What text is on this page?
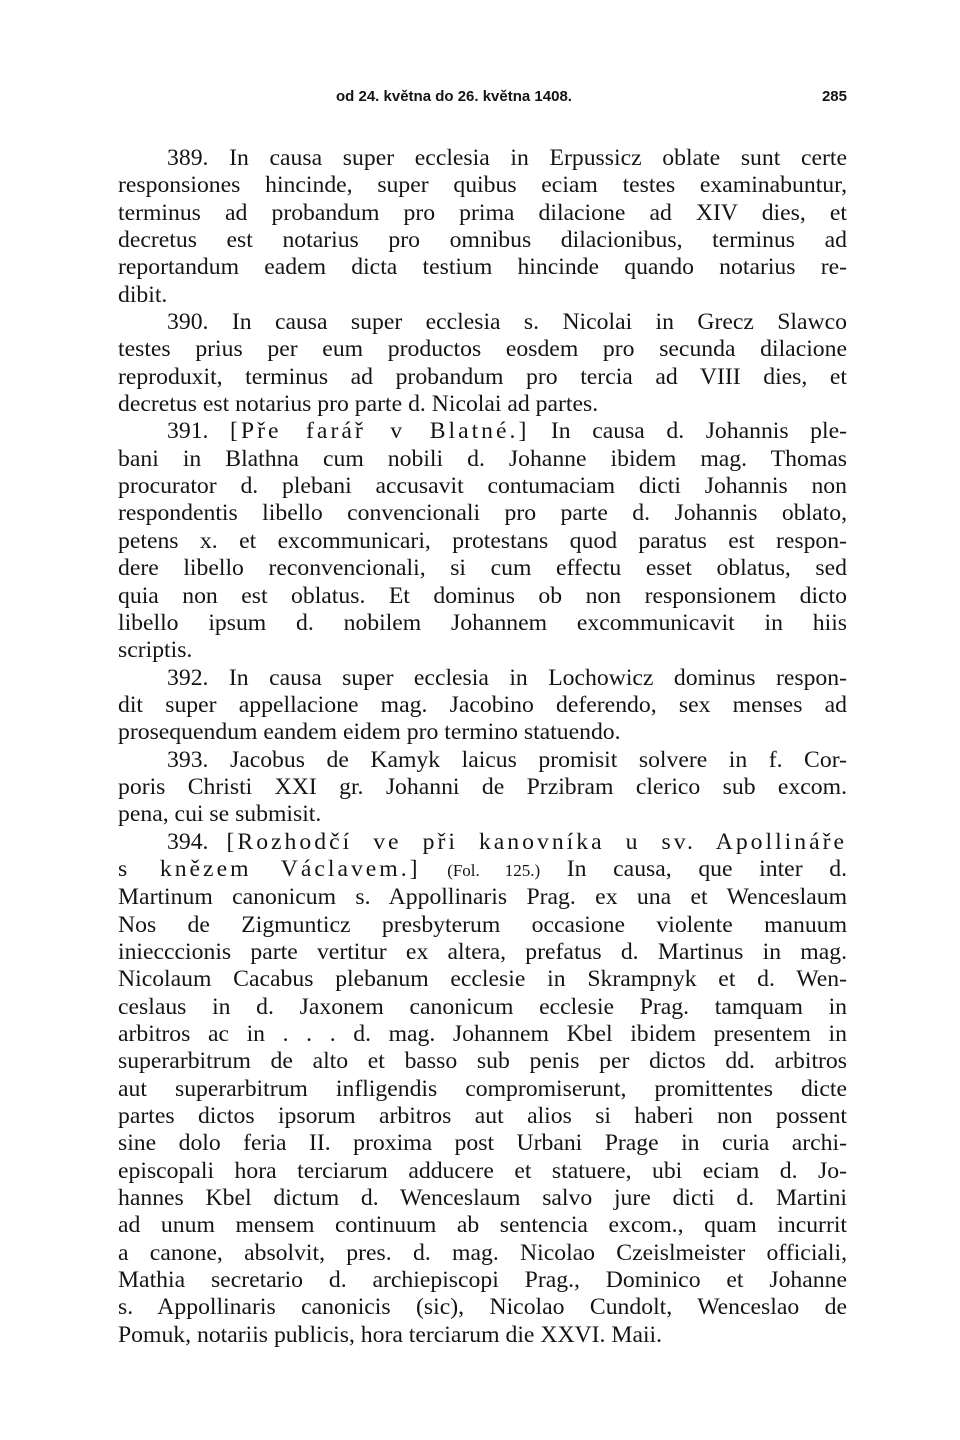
od 24. května do 26. května 1408.	285

389. In causa super ecclesia in Erpussicz oblate sunt certe
responsiones hincinde, super quibus eciam testes examinabuntur,
terminus ad probandum pro prima dilacione ad XIV dies, et
decretus est notarius pro omnibus dilacionibus, terminus ad
reportandum eadem dicta testium hincinde quando notarius re-
dibit.

390. In causa super ecclesia s. Nicolai in Grecz Slawco
testes prius per eum productos eosdem pro secunda dilacione
reproduxit, terminus ad probandum pro tercia ad VIII dies, et
decretus est notarius pro parte d. Nicolai ad partes.

391. [Pře farář v Blatné.] In causa d. Johannis ple-
bani in Blathna cum nobili d. Johanne ibidem mag. Thomas
procurator d. plebani accusavit contumaciam dicti Johannis non
respondentis libello convencionali pro parte d. Johannis oblato,
petens x. et excommunicari, protestans quod paratus est respon-
dere libello reconvencionali, si cum effectu esset oblatus, sed
quia non est oblatus. Et dominus ob non responsionem dicto
libello ipsum d. nobilem Johannem excommunicavit in hiis
scriptis.

392. In causa super ecclesia in Lochowicz dominus respon-
dit super appellacione mag. Jacobino deferendo, sex menses ad
prosequendum eandem eidem pro termino statuendo.

393. Jacobus de Kamyk laicus promisit solvere in f. Cor-
poris Christi XXI gr. Johanni de Przibram clerico sub excom.
pena, cui se submisit.

394. [Rozhodčí ve při kanovníka u sv. Apollináře
s knězem Václavem.] (Fol. 125.) In causa, que inter d.
Martinum canonicum s. Appollinaris Prag. ex una et Wenceslaum
Nos de Zigmunticz presbyterum occasione violente manuum
iniecccionis parte vertitur ex altera, prefatus d. Martinus in mag.
Nicolaum Cacabus plebanum ecclesie in Skrampnyk et d. Wen-
ceslaus in d. Jaxonem canonicum ecclesie Prag. tamquam in
arbitros ac in . . . d. mag. Johannem Kbel ibidem presentem in
superarbitrum de alto et basso sub penis per dictos dd. arbitros
aut superarbitrum infligendis compromiserunt, promittentes dicte
partes dictos ipsorum arbitros aut alios si haberi non possent
sine dolo feria II. proxima post Urbani Prage in curia archi-
episcopali hora terciarum adducere et statuere, ubi eciam d. Jo-
hannes Kbel dictum d. Wenceslaum salvo jure dicti d. Martini
ad unum mensem continuum ab sentencia excom., quam incurrit
a canone, absolvit, pres. d. mag. Nicolao Czeislmeister officiali,
Mathia secretario d. archiepiscopi Prag., Dominico et Johanne
s. Appollinaris canonicis (sic), Nicolao Cundolt, Wenceslao de
Pomuk, notariis publicis, hora terciarum die XXVI. Maii.
